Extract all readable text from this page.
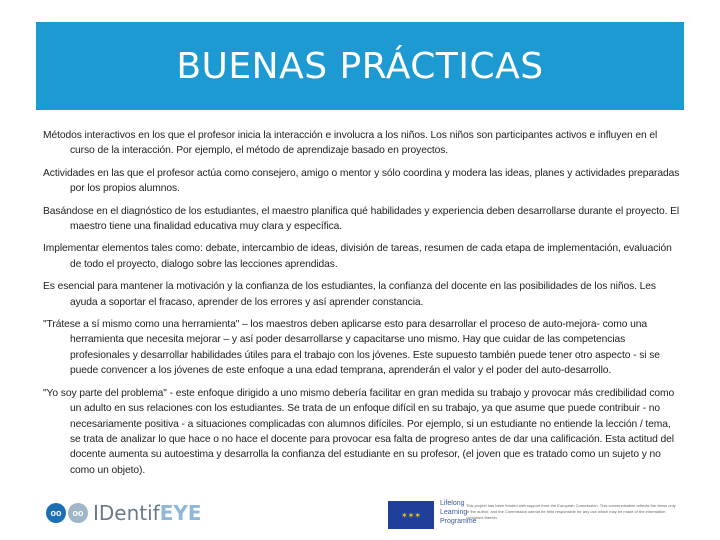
BUENAS PRÁCTICAS

Métodos interactivos en los que el profesor inicia la interacción e involucra a los niños. Los niños son participantes activos e influyen en el curso de la interacción. Por ejemplo, el método de aprendizaje basado en proyectos.

Actividades en las que el profesor actúa como consejero, amigo o mentor y sólo coordina y modera las ideas, planes y actividades preparadas por los propios alumnos.

Basándose en el diagnóstico de los estudiantes, el maestro planifica qué habilidades y experiencia deben desarrollarse durante el proyecto. El maestro tiene una finalidad educativa muy clara y específica.

Implementar elementos tales como: debate, intercambio de ideas, división de tareas, resumen de cada etapa de implementación, evaluación de todo el proyecto, dialogo sobre las lecciones aprendidas.

Es esencial para mantener la motivación y la confianza de los estudiantes, la confianza del docente en las posibilidades de los niños. Les ayuda a soportar el fracaso, aprender de los errores y así aprender constancia.

"Trátese a sí mismo como una herramienta" – los maestros deben aplicarse esto para desarrollar el proceso de auto-mejora- como una herramienta que necesita mejorar – y así poder desarrollarse y capacitarse uno mismo. Hay que cuidar de las competencias profesionales y desarrollar habilidades útiles para el trabajo con los jóvenes. Este supuesto también puede tener otro aspecto - si se puede convencer a los jóvenes de este enfoque a una edad temprana, aprenderán el valor y el poder del auto-desarrollo.

"Yo soy parte del problema" - este enfoque dirigido a uno mismo debería facilitar en gran medida su trabajo y provocar más credibilidad como un adulto en sus relaciones con los estudiantes. Se trata de un enfoque difícil en su trabajo, ya que asume que puede contribuir - no necesariamente positiva - a situaciones complicadas con alumnos difíciles. Por ejemplo, si un estudiante no entiende la lección / tema, se trata de analizar lo que hace o no hace el docente para provocar esa falta de progreso antes de dar una calificación. Esta actitud del docente aumenta su autoestima y desarrolla la confianza del estudiante en su profesor, (el joven que es tratado como un sujeto y no como un objeto).

oo	oo IDentifEYE	✶✶✶
Lifelong Learning Programme
This project has been funded with support from the European Commission. This communication reflects the views only of the author, and the Commission cannot be held responsible for any use which may be made of the information contained therein.
